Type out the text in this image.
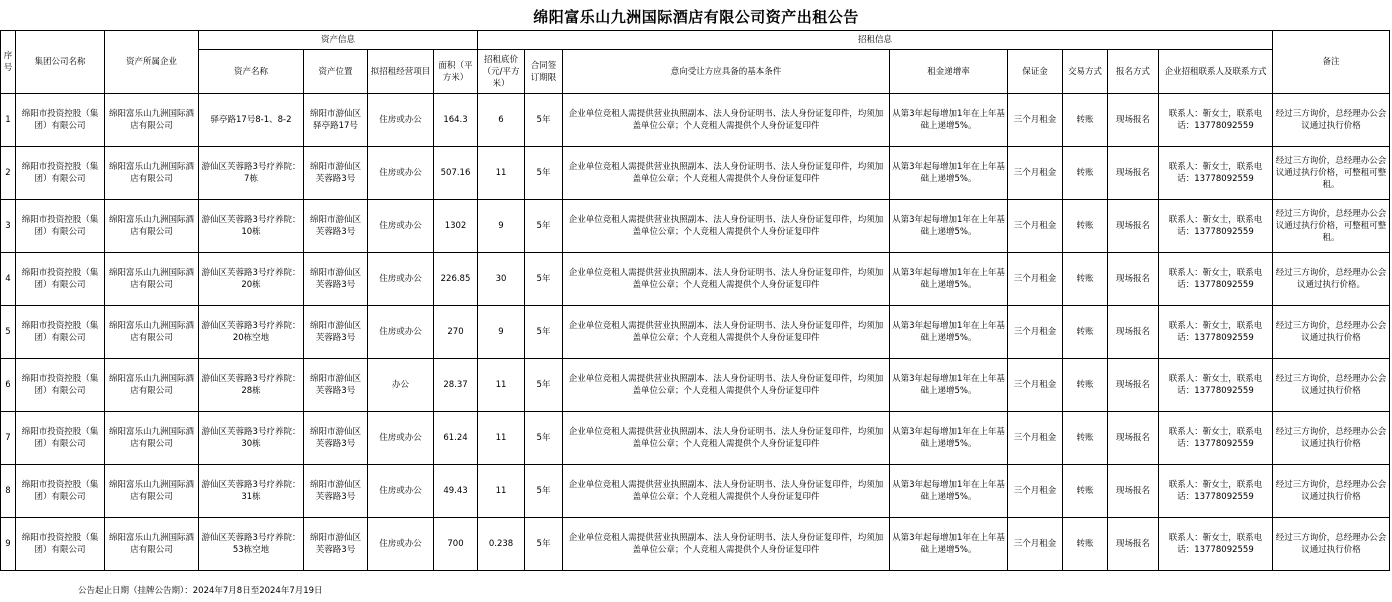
绵阳富乐山九洲国际酒店有限公司资产出租公告
序号	集团公司名称	资产所属企业	资产信息				招租信息								备注
			资产名称	资产位置	拟招租经营项目	面积（平方米）	招租底价（元/平方米）	合同签订期限	意向受让方应具备的基本条件	租金递增率	保证金	交易方式	报名方式	企业招租联系人及联系方式	
1	绵阳市投资控股（集团）有限公司	绵阳富乐山九洲国际酒店有限公司	驿亭路17号8-1、8-2	绵阳市游仙区驿亭路17号	住房或办公	164.3	6	5年	企业单位竞租人需提供营业执照副本、法人身份证明书、法人身份证复印件，均须加盖单位公章；个人竞租人需提供个人身份证复印件	从第3年起每增加1年在上年基础上递增5%。	三个月租金	转账	现场报名	联系人：靳女士，联系电话：13778092559	经过三方询价，总经理办公会议通过执行价格
2	绵阳市投资控股（集团）有限公司	绵阳富乐山九洲国际酒店有限公司	游仙区芙蓉路3号疗养院：7栋	绵阳市游仙区芙蓉路3号	住房或办公	507.16	11	5年	企业单位竞租人需提供营业执照副本、法人身份证明书、法人身份证复印件，均须加盖单位公章；个人竞租人需提供个人身份证复印件	从第3年起每增加1年在上年基础上递增5%。	三个月租金	转账	现场报名	联系人：靳女士，联系电话：13778092559	经过三方询价，总经理办公会议通过执行价格，可整租可整租。
3	绵阳市投资控股（集团）有限公司	绵阳富乐山九洲国际酒店有限公司	游仙区芙蓉路3号疗养院：10栋	绵阳市游仙区芙蓉路3号	住房或办公	1302	9	5年	企业单位竞租人需提供营业执照副本、法人身份证明书、法人身份证复印件，均须加盖单位公章；个人竞租人需提供个人身份证复印件	从第3年起每增加1年在上年基础上递增5%。	三个月租金	转账	现场报名	联系人：靳女士，联系电话：13778092559	经过三方询价，总经理办公会议通过执行价格，可整租可整租。
4	绵阳市投资控股（集团）有限公司	绵阳富乐山九洲国际酒店有限公司	游仙区芙蓉路3号疗养院：20栋	绵阳市游仙区芙蓉路3号	住房或办公	226.85	30	5年	企业单位竞租人需提供营业执照副本、法人身份证明书、法人身份证复印件，均须加盖单位公章；个人竞租人需提供个人身份证复印件	从第3年起每增加1年在上年基础上递增5%。	三个月租金	转账	现场报名	联系人：靳女士，联系电话：13778092559	经过三方询价，总经理办公会议通过执行价格。
5	绵阳市投资控股（集团）有限公司	绵阳富乐山九洲国际酒店有限公司	游仙区芙蓉路3号疗养院：20栋空地	绵阳市游仙区芙蓉路3号	住房或办公	270	9	5年	企业单位竞租人需提供营业执照副本、法人身份证明书、法人身份证复印件，均须加盖单位公章；个人竞租人需提供个人身份证复印件	从第3年起每增加1年在上年基础上递增5%。	三个月租金	转账	现场报名	联系人：靳女士，联系电话：13778092559	经过三方询价，总经理办公会议通过执行价格
6	绵阳市投资控股（集团）有限公司	绵阳富乐山九洲国际酒店有限公司	游仙区芙蓉路3号疗养院：28栋	绵阳市游仙区芙蓉路3号	办公	28.37	11	5年	企业单位竞租人需提供营业执照副本、法人身份证明书、法人身份证复印件，均须加盖单位公章；个人竞租人需提供个人身份证复印件	从第3年起每增加1年在上年基础上递增5%。	三个月租金	转账	现场报名	联系人：靳女士，联系电话：13778092559	经过三方询价，总经理办公会议通过执行价格
7	绵阳市投资控股（集团）有限公司	绵阳富乐山九洲国际酒店有限公司	游仙区芙蓉路3号疗养院：30栋	绵阳市游仙区芙蓉路3号	住房或办公	61.24	11	5年	企业单位竞租人需提供营业执照副本、法人身份证明书、法人身份证复印件，均须加盖单位公章；个人竞租人需提供个人身份证复印件	从第3年起每增加1年在上年基础上递增5%。	三个月租金	转账	现场报名	联系人：靳女士，联系电话：13778092559	经过三方询价，总经理办公会议通过执行价格
8	绵阳市投资控股（集团）有限公司	绵阳富乐山九洲国际酒店有限公司	游仙区芙蓉路3号疗养院：31栋	绵阳市游仙区芙蓉路3号	住房或办公	49.43	11	5年	企业单位竞租人需提供营业执照副本、法人身份证明书、法人身份证复印件，均须加盖单位公章；个人竞租人需提供个人身份证复印件	从第3年起每增加1年在上年基础上递增5%。	三个月租金	转账	现场报名	联系人：靳女士，联系电话：13778092559	经过三方询价，总经理办公会议通过执行价格
9	绵阳市投资控股（集团）有限公司	绵阳富乐山九洲国际酒店有限公司	游仙区芙蓉路3号疗养院：53栋空地	绵阳市游仙区芙蓉路3号	住房或办公	700	0.238	5年	企业单位竞租人需提供营业执照副本、法人身份证明书、法人身份证复印件，均须加盖单位公章；个人竞租人需提供个人身份证复印件	从第3年起每增加1年在上年基础上递增5%。	三个月租金	转账	现场报名	联系人：靳女士，联系电话：13778092559	经过三方询价，总经理办公会议通过执行价格
公告起止日期（挂牌公告期）：2024年7月8日至2024年7月19日
